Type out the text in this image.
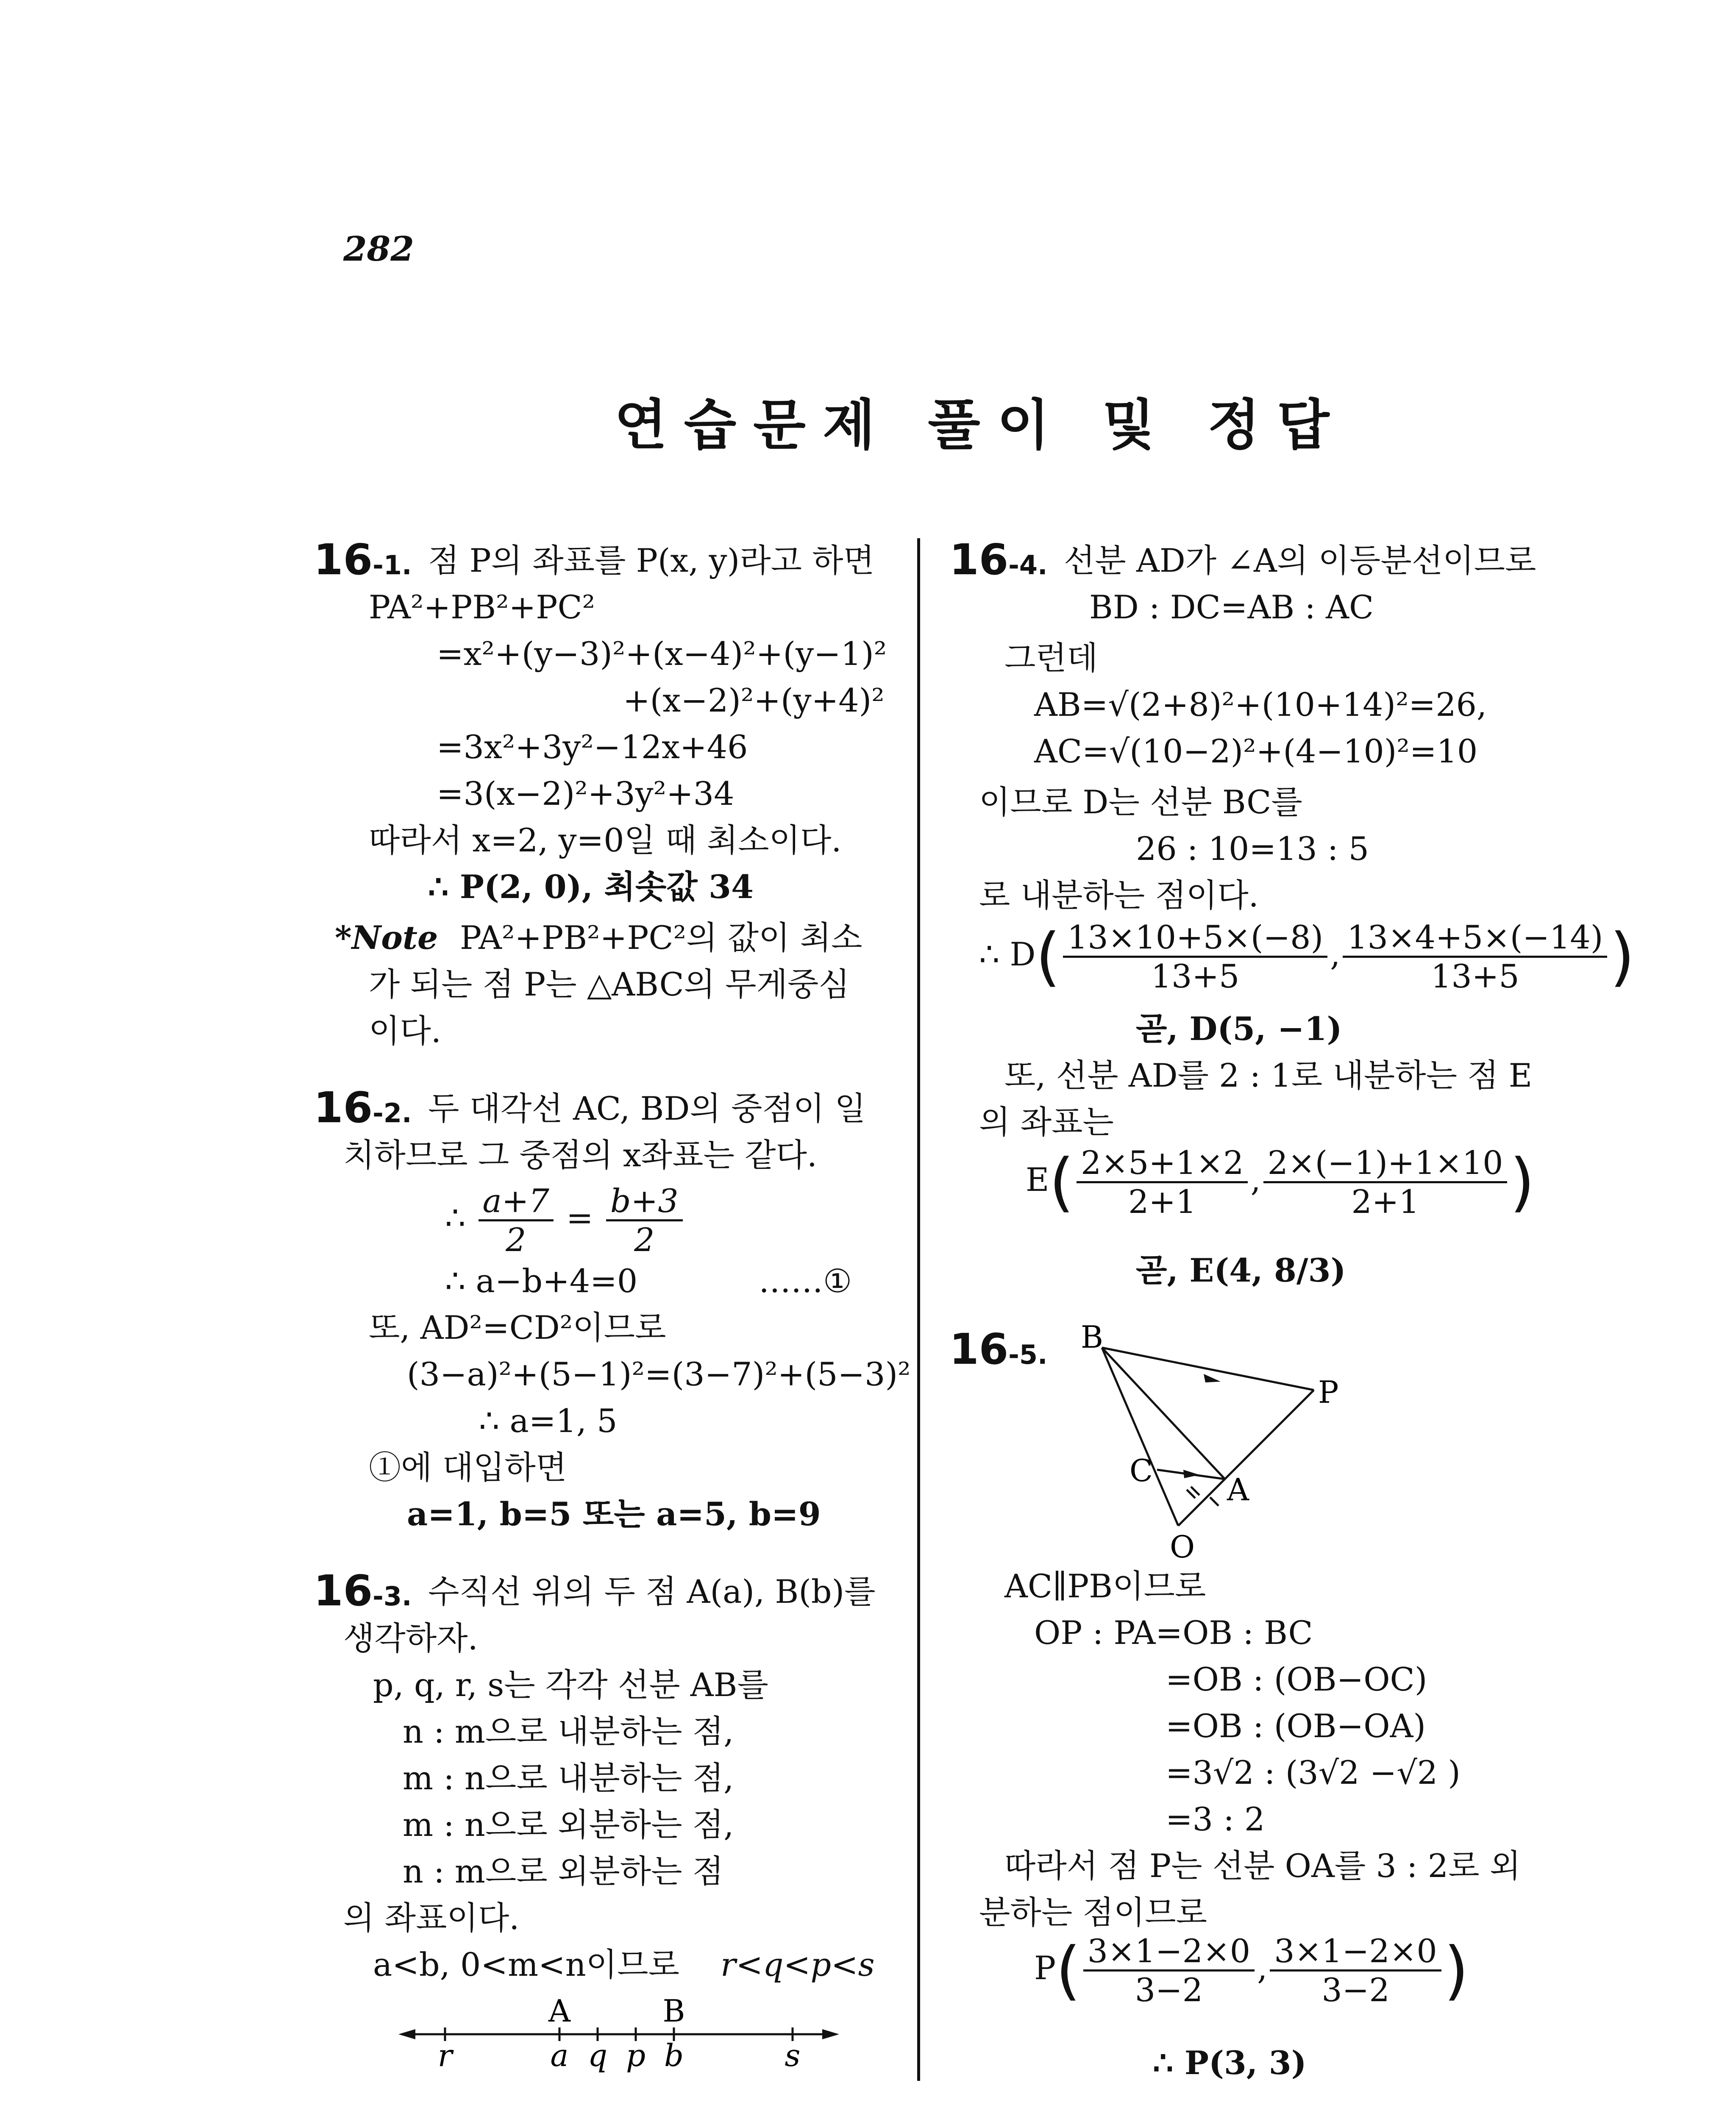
282
연습문제 풀이 및 정답
16-1. 점 P의 좌표를 P(x, y)라고 하면
PA²+PB²+PC²
=x²+(y−3)²+(x−4)²+(y−1)²
+(x−2)²+(y+4)²
=3x²+3y²−12x+46
=3(x−2)²+3y²+34
따라서 x=2, y=0일 때 최소이다.
∴ P(2, 0), 최솟값 34
*Note PA²+PB²+PC²의 값이 최소
가 되는 점 P는 △ABC의 무게중심
이다.
16-2. 두 대각선 AC, BD의 중점이 일
치하므로 그 중점의 x좌표는 같다.
∴ $\frac{a+7}{2} = \frac{b+3}{2}$
∴ a−b+4=0	……①
또, AD²=CD²이므로
(3−a)²+(5−1)²=(3−7)²+(5−3)²
∴ a=1, 5
①에 대입하면
a=1, b=5 또는 a=5, b=9
16-3. 수직선 위의 두 점 A(a), B(b)를
생각하자.
p, q, r, s는 각각 선분 AB를
n : m으로 내분하는 점,
m : n으로 내분하는 점,
m : n으로 외분하는 점,
n : m으로 외분하는 점
의 좌표이다.
a<b, 0<m<n이므로 r<q<p<s
A	B
r	a q p b	s
16-4. 선분 AD가 ∠A의 이등분선이므로
BD : DC=AB : AC
그런데
AB=√(2+8)²+(10+14)²=26,
AC=√(10−2)²+(4−10)²=10
이므로 D는 선분 BC를
26 : 10=13 : 5
로 내분하는 점이다.
∴ $D( \frac{13\times 10+5\times(-8)}{13+5}$ , $\frac{13\times 4+5\times(-14)}{13+5}$ )
곧, D(5, −1)
또, 선분 AD를 2 : 1로 내분하는 점 E
의 좌표는
$E( \frac{2\times 5+1\times 2}{2+1}$ , $\frac{2\times(-1)+1\times 10}{2+1}$ )
곧, E(4, 8/3)
16-5. B
P
C
A
O
AC∥PB이므로
OP : PA=OB : BC
=OB : (OB−OC)
=OB : (OB−OA)
=3√2 : (3√2 −√2 )
=3 : 2
따라서 점 P는 선분 OA를 3 : 2로 외
분하는 점이므로
$P( \frac{3\times 1-2\times 0}{3-2}$ , $\frac{3\times 1-2\times 0}{3-2}$ )
∴ P(3, 3)
